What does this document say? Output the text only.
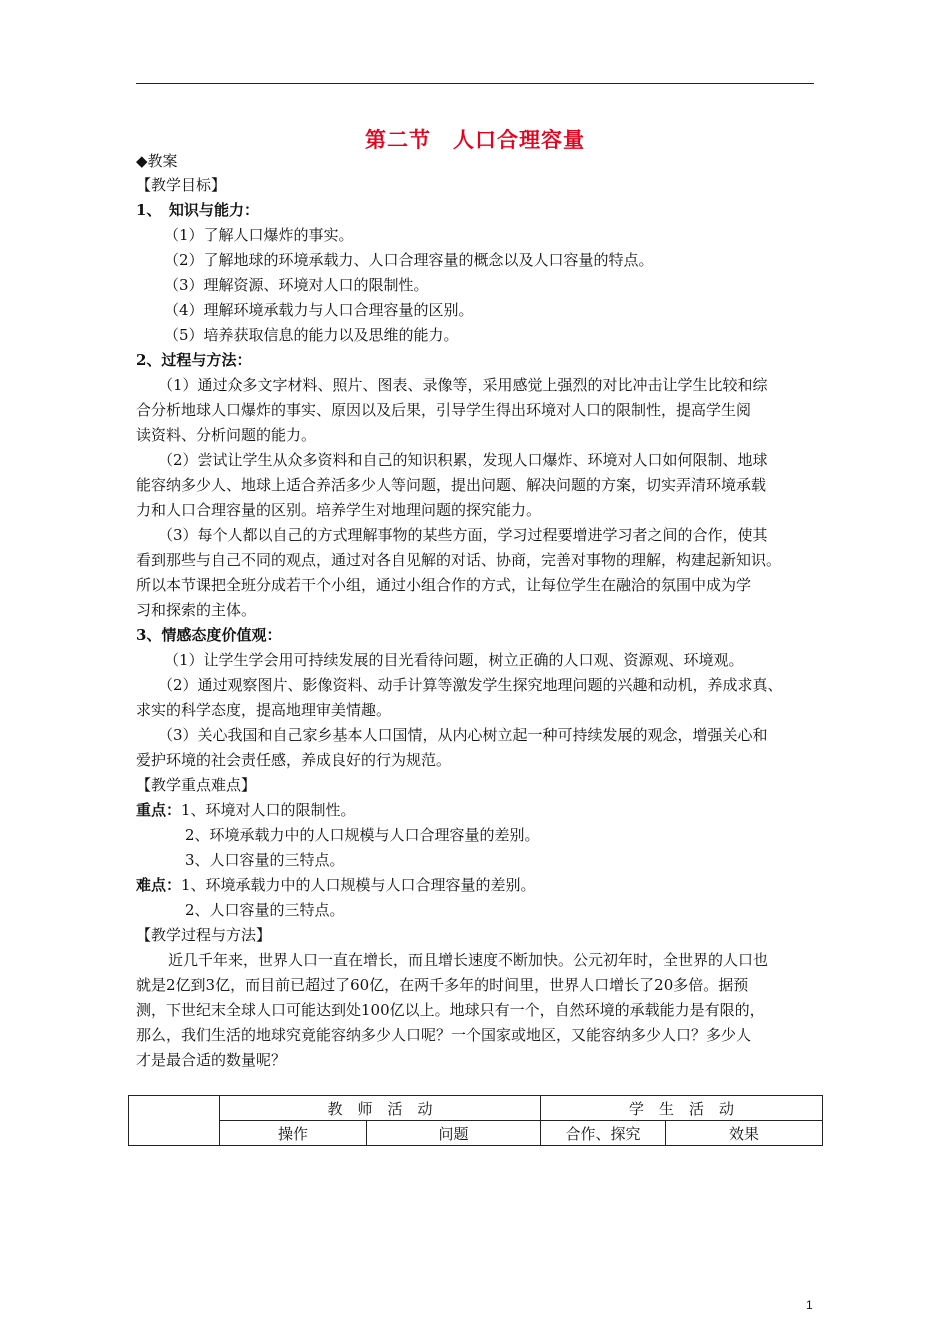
第二节　人口合理容量
◆教案
【教学目标】
1、　知识与能力：
（1）了解人口爆炸的事实。
（2）了解地球的环境承载力、人口合理容量的概念以及人口容量的特点。
（3）理解资源、环境对人口的限制性。
（4）理解环境承载力与人口合理容量的区别。
（5）培养获取信息的能力以及思维的能力。
2、过程与方法：
（1）通过众多文字材料、照片、图表、录像等，采用感觉上强烈的对比冲击让学生比较和综
合分析地球人口爆炸的事实、原因以及后果，引导学生得出环境对人口的限制性，提高学生阅
读资料、分析问题的能力。
（2）尝试让学生从众多资料和自己的知识积累，发现人口爆炸、环境对人口如何限制、地球
能容纳多少人、地球上适合养活多少人等问题，提出问题、解决问题的方案，切实弄清环境承载
力和人口合理容量的区别。培养学生对地理问题的探究能力。
（3）每个人都以自己的方式理解事物的某些方面，学习过程要增进学习者之间的合作，使其
看到那些与自己不同的观点，通过对各自见解的对话、协商，完善对事物的理解，构建起新知识。
所以本节课把全班分成若干个小组，通过小组合作的方式，让每位学生在融洽的氛围中成为学
习和探索的主体。
3、情感态度价值观：
（1）让学生学会用可持续发展的目光看待问题，树立正确的人口观、资源观、环境观。
（2）通过观察图片、影像资料、动手计算等激发学生探究地理问题的兴趣和动机，养成求真、
求实的科学态度，提高地理审美情趣。
（3）关心我国和自己家乡基本人口国情，从内心树立起一种可持续发展的观念，增强关心和
爱护环境的社会责任感，养成良好的行为规范。
【教学重点难点】
重点：1、环境对人口的限制性。
2、环境承载力中的人口规模与人口合理容量的差别。
3、人口容量的三特点。
难点：1、环境承载力中的人口规模与人口合理容量的差别。
2、人口容量的三特点。
【教学过程与方法】
近几千年来，世界人口一直在增长，而且增长速度不断加快。公元初年时，全世界的人口也
就是2亿到3亿，而目前已超过了60亿，在两千多年的时间里，世界人口增长了20多倍。据预
测，下世纪末全球人口可能达到处100亿以上。地球只有一个，自然环境的承载能力是有限的，
那么，我们生活的地球究竟能容纳多少人口呢？一个国家或地区，又能容纳多少人口？多少人
才是最合适的数量呢？
	教　师　活　动		学　生　活　动	
	操作	问题	合作、探究	效果
1
